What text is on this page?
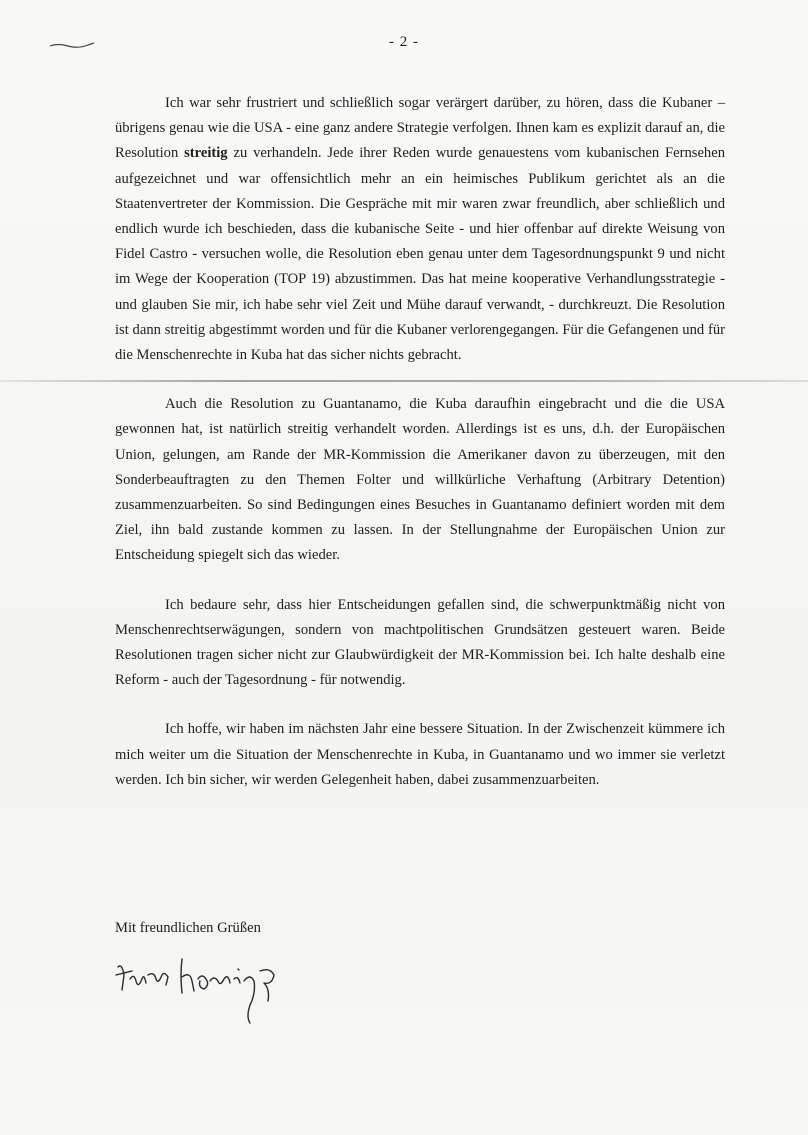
- 2 -

Ich war sehr frustriert und schließlich sogar verärgert darüber, zu hören, dass die Kubaner – übrigens genau wie die USA - eine ganz andere Strategie verfolgen. Ihnen kam es explizit darauf an, die Resolution streitig zu verhandeln. Jede ihrer Reden wurde genauestens vom kubanischen Fernsehen aufgezeichnet und war offensichtlich mehr an ein heimisches Publikum gerichtet als an die Staatenvertreter der Kommission. Die Gespräche mit mir waren zwar freundlich, aber schließlich und endlich wurde ich beschieden, dass die kubanische Seite - und hier offenbar auf direkte Weisung von Fidel Castro - versuchen wolle, die Resolution eben genau unter dem Tagesordnungspunkt 9 und nicht im Wege der Kooperation (TOP 19) abzustimmen. Das hat meine kooperative Verhandlungsstrategie - und glauben Sie mir, ich habe sehr viel Zeit und Mühe darauf verwandt, - durchkreuzt. Die Resolution ist dann streitig abgestimmt worden und für die Kubaner verlorengegangen. Für die Gefangenen und für die Menschenrechte in Kuba hat das sicher nichts gebracht.

Auch die Resolution zu Guantanamo, die Kuba daraufhin eingebracht und die die USA gewonnen hat, ist natürlich streitig verhandelt worden. Allerdings ist es uns, d.h. der Europäischen Union, gelungen, am Rande der MR-Kommission die Amerikaner davon zu überzeugen, mit den Sonderbeauftragten zu den Themen Folter und willkürliche Verhaftung (Arbitrary Detention) zusammenzuarbeiten. So sind Bedingungen eines Besuches in Guantanamo definiert worden mit dem Ziel, ihn bald zustande kommen zu lassen. In der Stellungnahme der Europäischen Union zur Entscheidung spiegelt sich das wieder.

Ich bedaure sehr, dass hier Entscheidungen gefallen sind, die schwerpunktmäßig nicht von Menschenrechtserwägungen, sondern von machtpolitischen Grundsätzen gesteuert waren. Beide Resolutionen tragen sicher nicht zur Glaubwürdigkeit der MR-Kommission bei. Ich halte deshalb eine Reform - auch der Tagesordnung - für notwendig.

Ich hoffe, wir haben im nächsten Jahr eine bessere Situation. In der Zwischenzeit kümmere ich mich weiter um die Situation der Menschenrechte in Kuba, in Guantanamo und wo immer sie verletzt werden. Ich bin sicher, wir werden Gelegenheit haben, dabei zusammenzuarbeiten.

Mit freundlichen Grüßen
